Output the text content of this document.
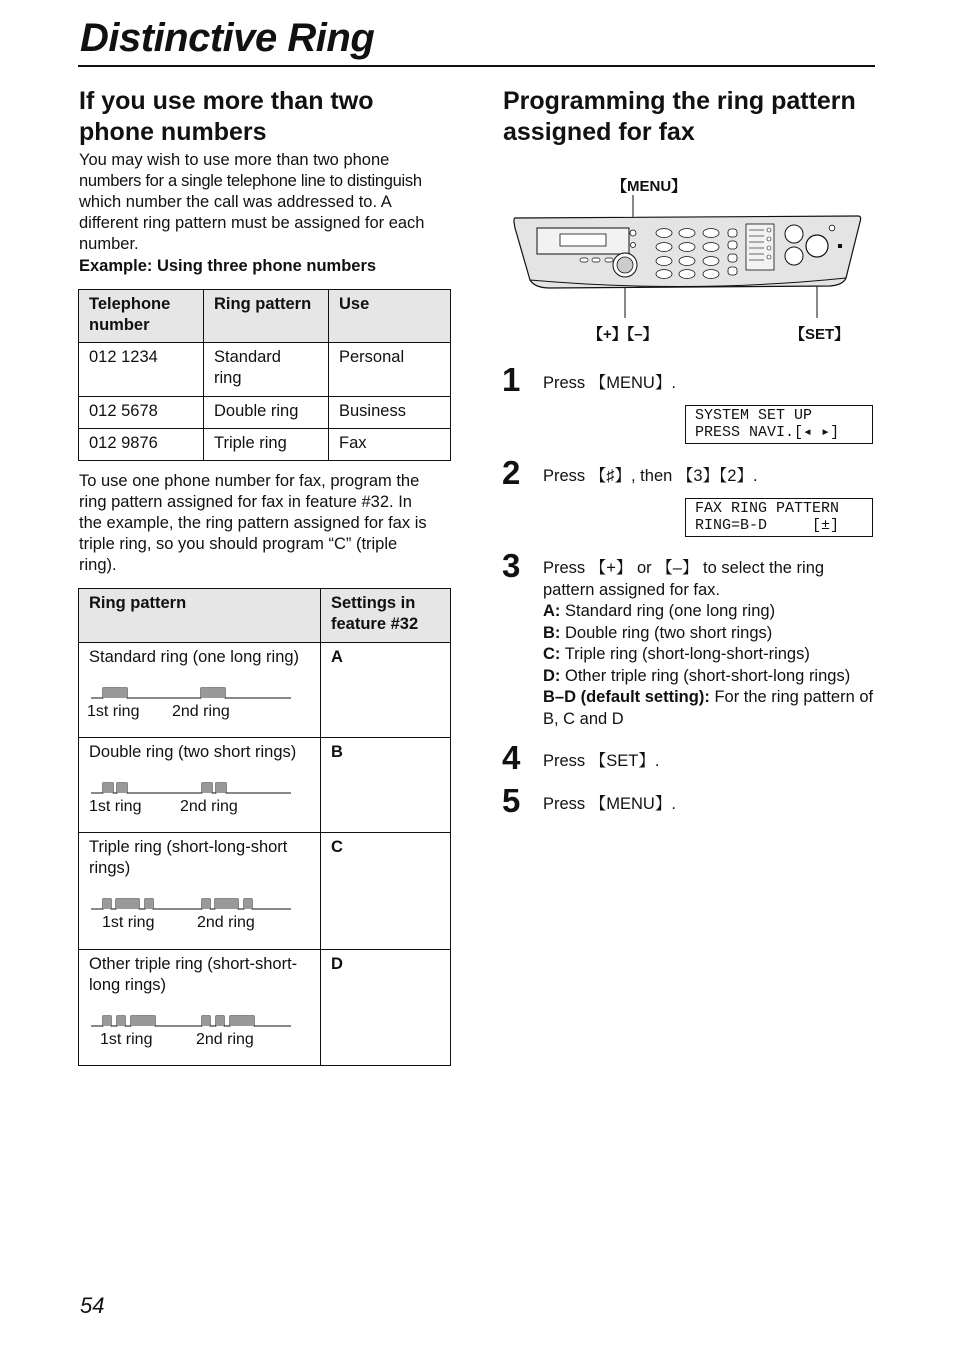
Distinctive Ring
If you use more than two
phone numbers
You may wish to use more than two phone
numbers for a single telephone line to distinguish
which number the call was addressed to. A
different ring pattern must be assigned for each
number.
Example: Using three phone numbers
Telephone
number	Ring pattern	Use
012 1234	Standard ring	Personal
012 5678	Double ring	Business
012 9876	Triple ring	Fax
To use one phone number for fax, program the
ring pattern assigned for fax in feature #32. In
the example, the ring pattern assigned for fax is
triple ring, so you should program “C” (triple
ring).
Ring pattern	Settings in feature #32

Standard ring (one long ring)
1st ring 2nd ring	A

Double ring (two short rings)
1st ring 2nd ring	B

Triple ring (short-long-short rings)
1st ring 2nd ring	C

Other triple ring (short-short-long rings)
1st ring 2nd ring	D
Programming the ring pattern
assigned for fax
【MENU】
【+】【–】	【SET】
1 Press 【MENU】.
SYSTEM SET UP
PRESS NAVI.[◂ ▸]
2 Press 【♯】, then 【3】【2】.
FAX RING PATTERN
RING=B-D     [±]
3 Press 【+】 or 【–】 to select the ring pattern assigned for fax.
A: Standard ring (one long ring)
B: Double ring (two short rings)
C: Triple ring (short-long-short-rings)
D: Other triple ring (short-short-long rings)
B–D (default setting): For the ring pattern of B, C and D
4 Press 【SET】.
5 Press 【MENU】.
54
